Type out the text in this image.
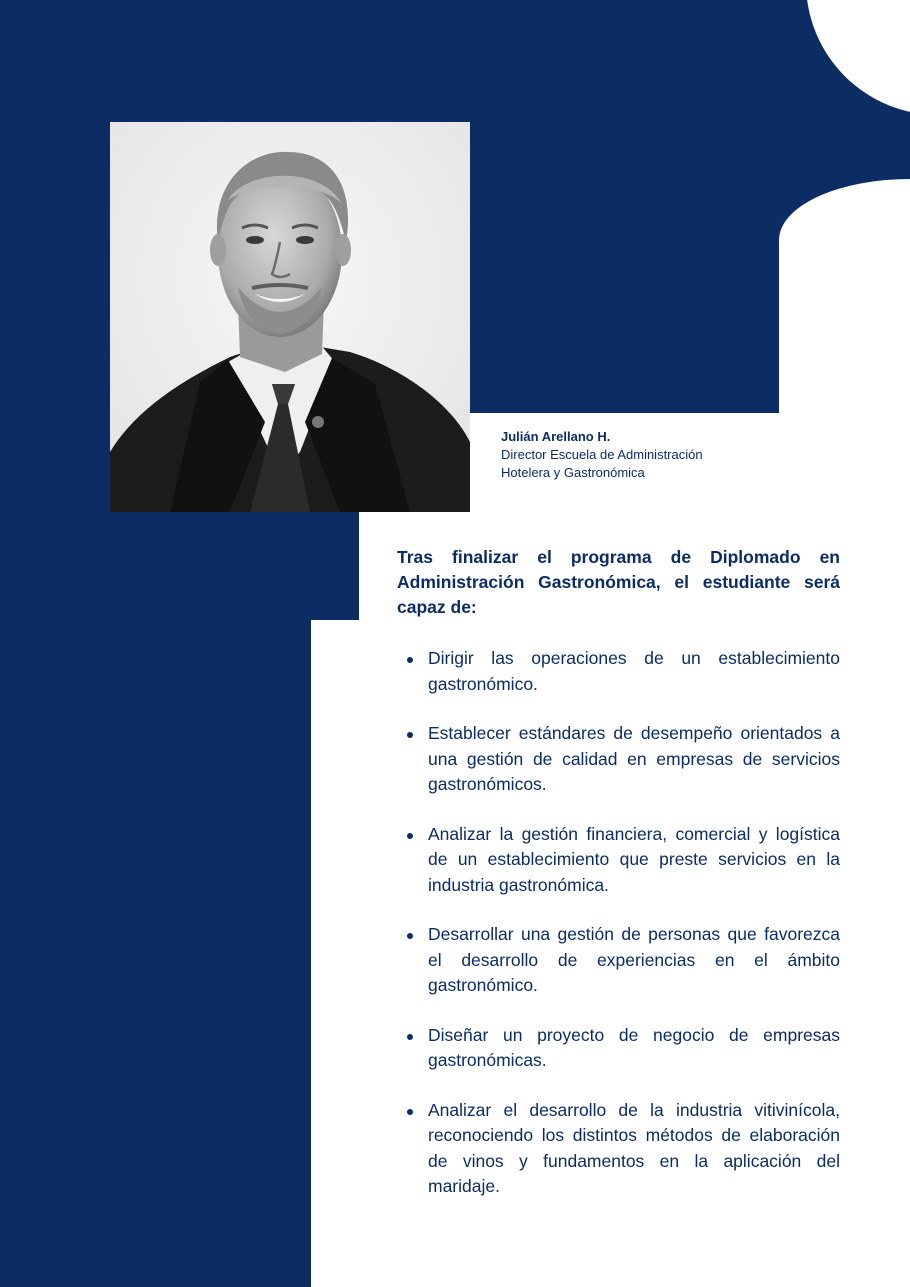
Julián Arellano H.
Director Escuela de Administración
Hotelera y Gastronómica
Tras finalizar el programa de Diplomado en Administración Gastronómica, el estudiante será capaz de:
Dirigir las operaciones de un establecimiento gastronómico.
Establecer estándares de desempeño orientados a una gestión de calidad en empresas de servicios gastronómicos.
Analizar la gestión financiera, comercial y logística de un establecimiento que preste servicios en la industria gastronómica.
Desarrollar una gestión de personas que favorezca el desarrollo de experiencias en el ámbito gastronómico.
Diseñar un proyecto de negocio de empresas gastronómicas.
Analizar el desarrollo de la industria vitivinícola, reconociendo los distintos métodos de elaboración de vinos y fundamentos en la aplicación del maridaje.
